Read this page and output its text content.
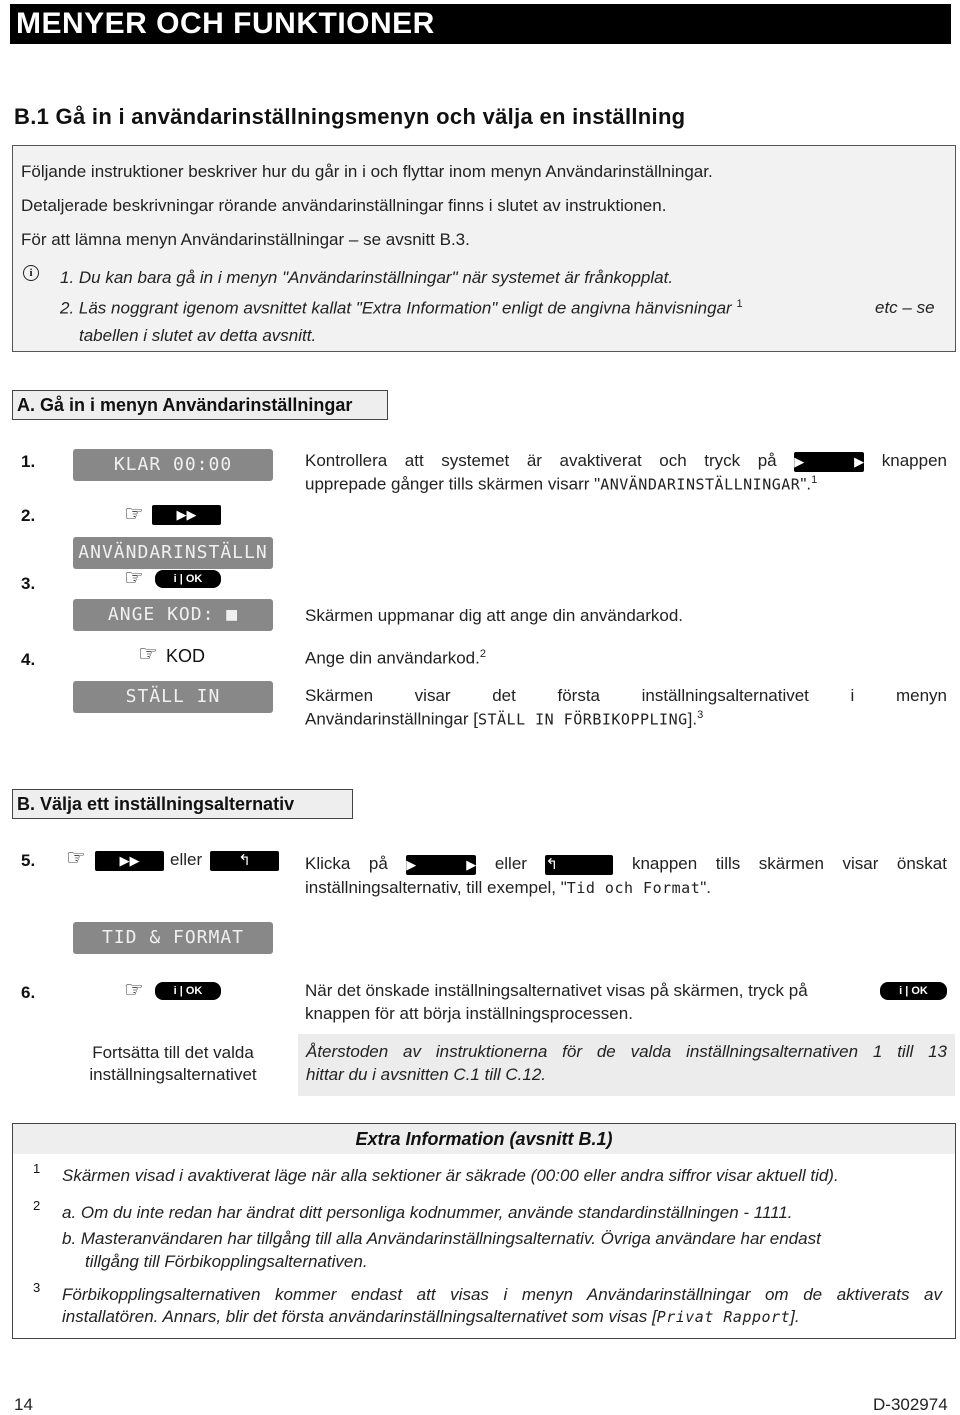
MENYER OCH FUNKTIONER
B.1 Gå in i användarinställningsmenyn och välja en inställning
Följande instruktioner beskriver hur du går in i och flyttar inom menyn Användarinställningar.
Detaljerade beskrivningar rörande användarinställningar finns i slutet av instruktionen.
För att lämna menyn Användarinställningar – se avsnitt B.3.
i	1. Du kan bara gå in i menyn "Användarinställningar" när systemet är frånkopplat.
2. Läs noggrant igenom avsnittet kallat "Extra Information" enligt de angivna hänvisningar $^1$	etc – se
tabellen i slutet av detta avsnitt.
A. Gå in i menyn Användarinställningar
1.	KLAR 00:00	Kontrollera att systemet är avaktiverat och tryck på ▶▶ knappen
upprepade gånger tills skärmen visarr "ANVÄNDARINSTÄLLNINGAR".$^1$
2.	☞	▶▶
ANVÄNDARINSTÄLLN
3.	☞	i | OK
ANGE KOD: ■	Skärmen uppmanar dig att ange din användarkod.
4.	☞ KOD	Ange din användarkod.$^2$
STÄLL IN	Skärmen visar det första inställningsalternativet i menyn
Användarinställningar [STÄLL IN FÖRBIKOPPLING].$^3$
B. Välja ett inställningsalternativ
5. ☞	▶▶	eller	↰	Klicka på ▶▶ eller ↰	knappen tills skärmen visar önskat
inställningsalternativ, till exempel, "Tid och Format".
TID & FORMAT
6.	☞	i | OK	När det önskade inställningsalternativet visas på skärmen, tryck på	i | OK
knappen för att börja inställningsprocessen.
Fortsätta till det valda
inställningsalternativet
Återstoden av instruktionerna för de valda inställningsalternativen 1 till 13
hittar du i avsnitten C.1 till C.12.
Extra Information (avsnitt B.1)
1 Skärmen visad i avaktiverat läge när alla sektioner är säkrade (00:00 eller andra siffror visar aktuell tid).
2 a. Om du inte redan har ändrat ditt personliga kodnummer, använde standardinställningen - 1111.
b. Masteranvändaren har tillgång till alla Användarinställningsalternativ. Övriga användare har endast
tillgång till Förbikopplingsalternativen.
3 Förbikopplingsalternativen kommer endast att visas i menyn Användarinställningar om de aktiverats av
installatören. Annars, blir det första användarinställningsalternativet som visas [Privat Rapport].
14	D-302974
